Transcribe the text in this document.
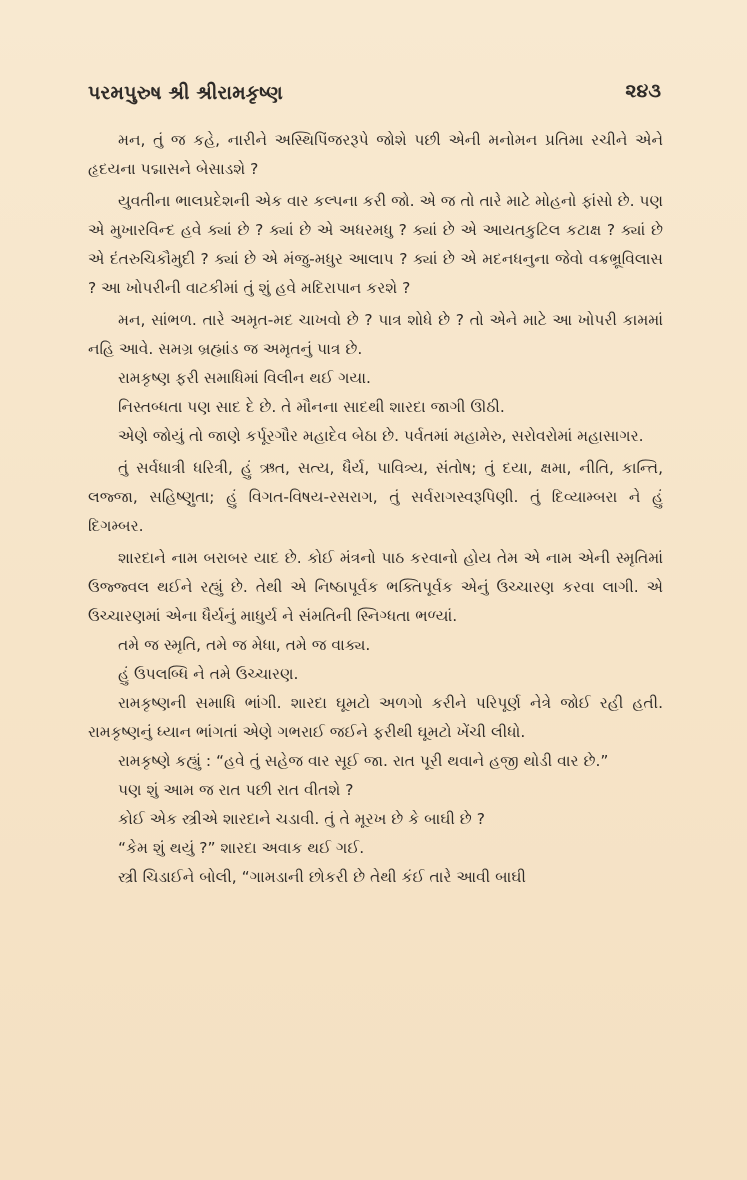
પરમપુરુષ શ્રી શ્રીરામકૃષ્ણ	૨૪૩

મન, તું જ કહે, નારીને અસ્થિપિંજરરૂપે જોશે પછી એની મનોમન પ્રતિમા રચીને એને હૃદયના પદ્માસને બેસાડશે ?

યુવતીના ભાલપ્રદેશની એક વાર કલ્પના કરી જો. એ જ તો તારે માટે મોહનો ફાંસો છે. પણ એ મુખારવિન્દ હવે ક્યાં છે ? ક્યાં છે એ અધરમધુ ? ક્યાં છે એ આયતકુટિલ કટાક્ષ ? ક્યાં છે એ દંતરુચિકૌમુદી ? ક્યાં છે એ મંજુ-મધુર આલાપ ? ક્યાં છે એ મદનધનુના જેવો વક્રભ્રૂવિલાસ ? આ ખોપરીની વાટકીમાં તું શું હવે મદિરાપાન કરશે ?

મન, સાંભળ. તારે અમૃત-મદ ચાખવો છે ? પાત્ર શોધે છે ? તો એને માટે આ ખોપરી કામમાં નહિ આવે. સમગ્ર બ્રહ્માંડ જ અમૃતનું પાત્ર છે.

રામકૃષ્ણ ફરી સમાધિમાં વિલીન થઈ ગયા.

નિસ્તબ્ધતા પણ સાદ દે છે. તે મૌનના સાદથી શારદા જાગી ઊઠી.

એણે જોયું તો જાણે કર્પૂરગૌર મહાદેવ બેઠા છે. પર્વતમાં મહામેરુ, સરોવરોમાં મહાસાગર.

તું સર્વધાત્રી ધરિત્રી, હું ઋત, સત્ય, ધૈર્ય, પાવિત્ર્ય, સંતોષ; તું દયા, ક્ષમા, નીતિ, કાન્તિ, લજ્જા, સહિષ્ણુતા; હું વિગત-વિષય-રસરાગ, તું સર્વરાગસ્વરૂપિણી. તું દિવ્યામ્બરા ને હું દિગમ્બર.

શારદાને નામ બરાબર યાદ છે. કોઈ મંત્રનો પાઠ કરવાનો હોય તેમ એ નામ એની સ્મૃતિમાં ઉજ્જ્વલ થઈને રહ્યું છે. તેથી એ નિષ્ઠાપૂર્વક ભક્તિપૂર્વક એનું ઉચ્ચારણ કરવા લાગી. એ ઉચ્ચારણમાં એના ધૈર્યનું માધુર્ય ને સંમતિની સ્નિગ્ધતા ભળ્યાં.

તમે જ સ્મૃતિ, તમે જ મેધા, તમે જ વાક્ય.

હું ઉપલબ્ધિ ને તમે ઉચ્ચારણ.

રામકૃષ્ણની સમાધિ ભાંગી. શારદા ઘૂમટો અળગો કરીને પરિપૂર્ણ નેત્રે જોઈ રહી હતી. રામકૃષ્ણનું ધ્યાન ભાંગતાં એણે ગભરાઈ જઈને ફરીથી ઘૂમટો ખેંચી લીધો.

રામકૃષ્ણે કહ્યું : “હવે તું સહેજ વાર સૂઈ જા. રાત પૂરી થવાને હજી થોડી વાર છે.”

પણ શું આમ જ રાત પછી રાત વીતશે ?

કોઈ એક સ્ત્રીએ શારદાને ચડાવી. તું તે મૂરખ છે કે બાઘી છે ?

“કેમ શું થયું ?” શારદા અવાક થઈ ગઈ.

સ્ત્રી ચિડાઈને બોલી, “ગામડાની છોકરી છે તેથી કંઈ તારે આવી બાઘી
